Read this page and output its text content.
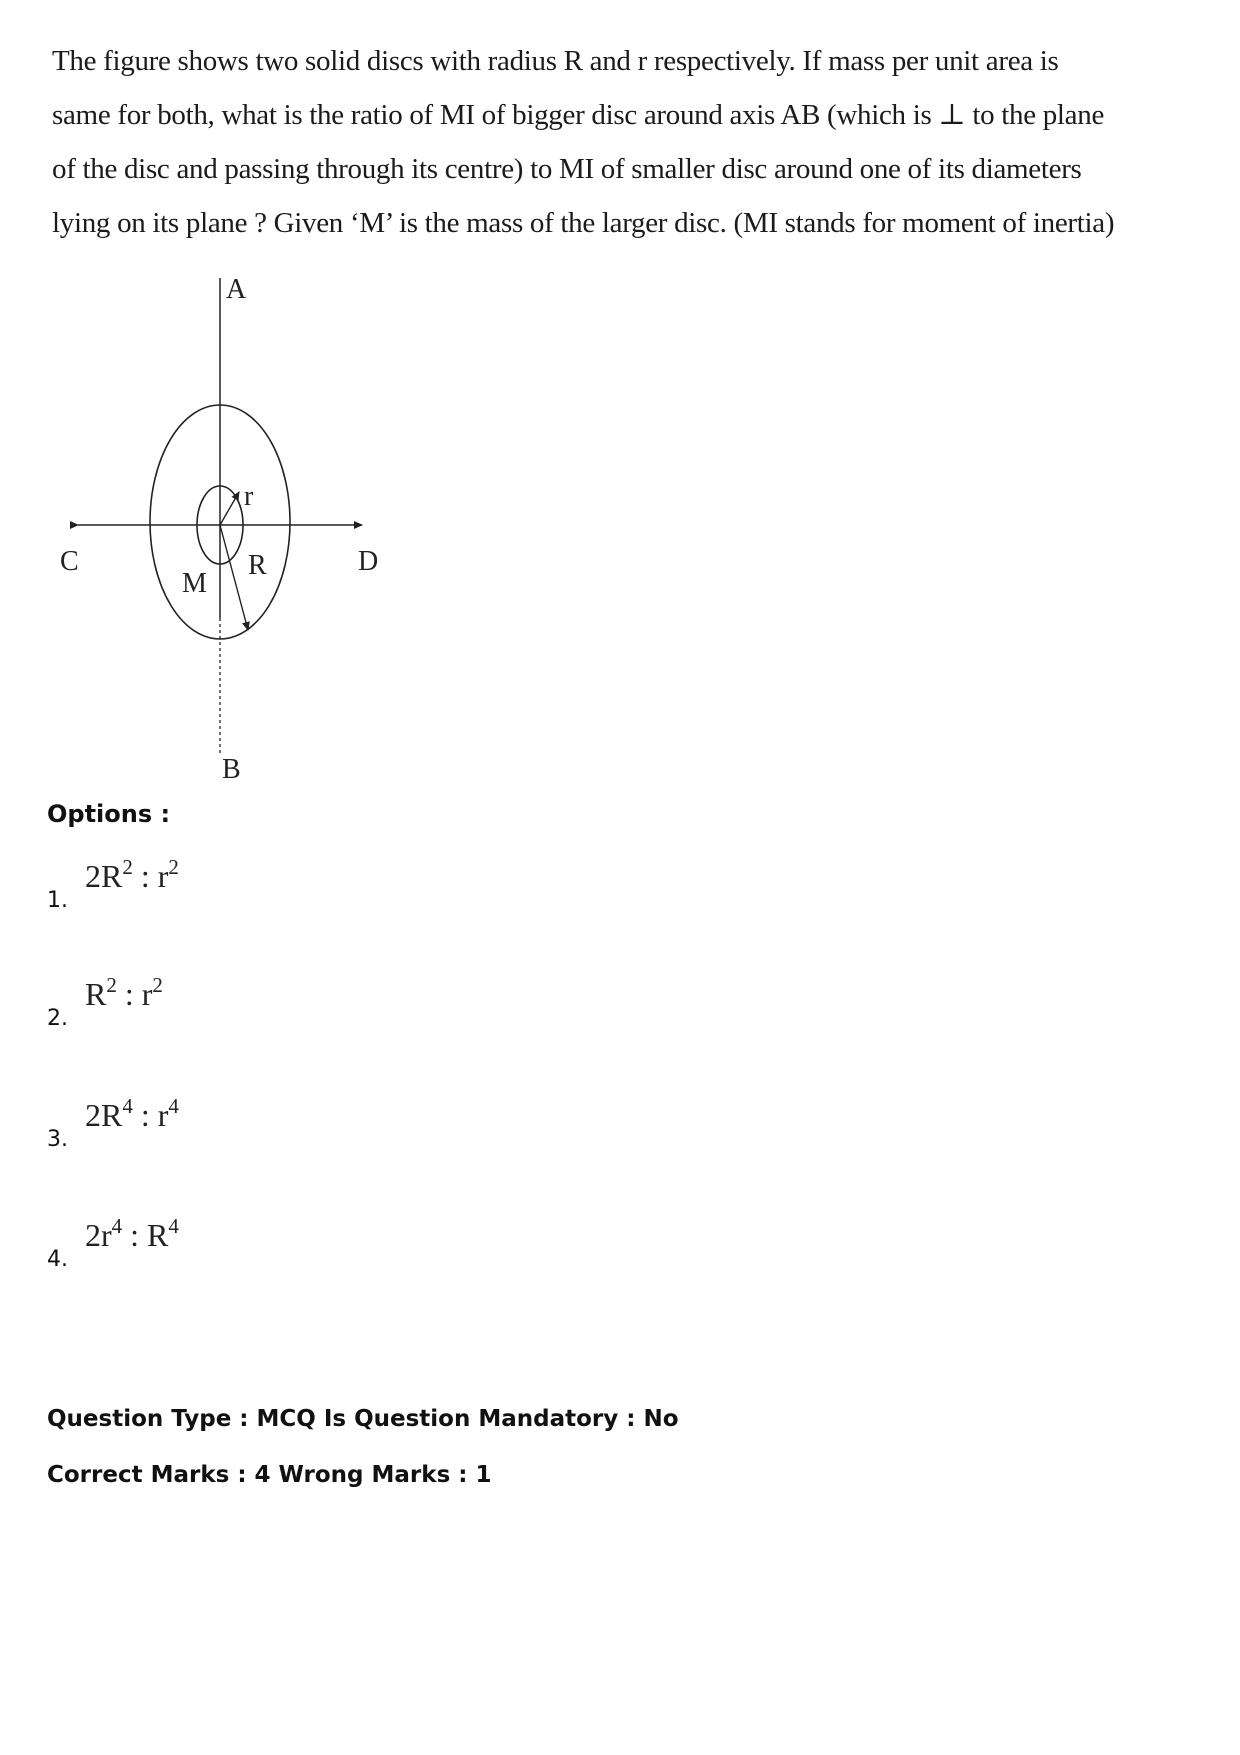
The figure shows two solid discs with radius R and r respectively. If mass per unit area is
same for both, what is the ratio of MI of bigger disc around axis AB (which is ⊥ to the plane
of the disc and passing through its centre) to MI of smaller disc around one of its diameters
lying on its plane ? Given ‘M’ is the mass of the larger disc. (MI stands for moment of inertia)
A
B
C	D
r
R
M
Options :
1.
$2R^2$ : $r^2$
2.
$R^2$ : $r^2$
3.
$2R^4$ : $r^4$
4.
$2r^4$ : $R^4$
Question Type : MCQ Is Question Mandatory : No
Correct Marks : 4 Wrong Marks : 1
